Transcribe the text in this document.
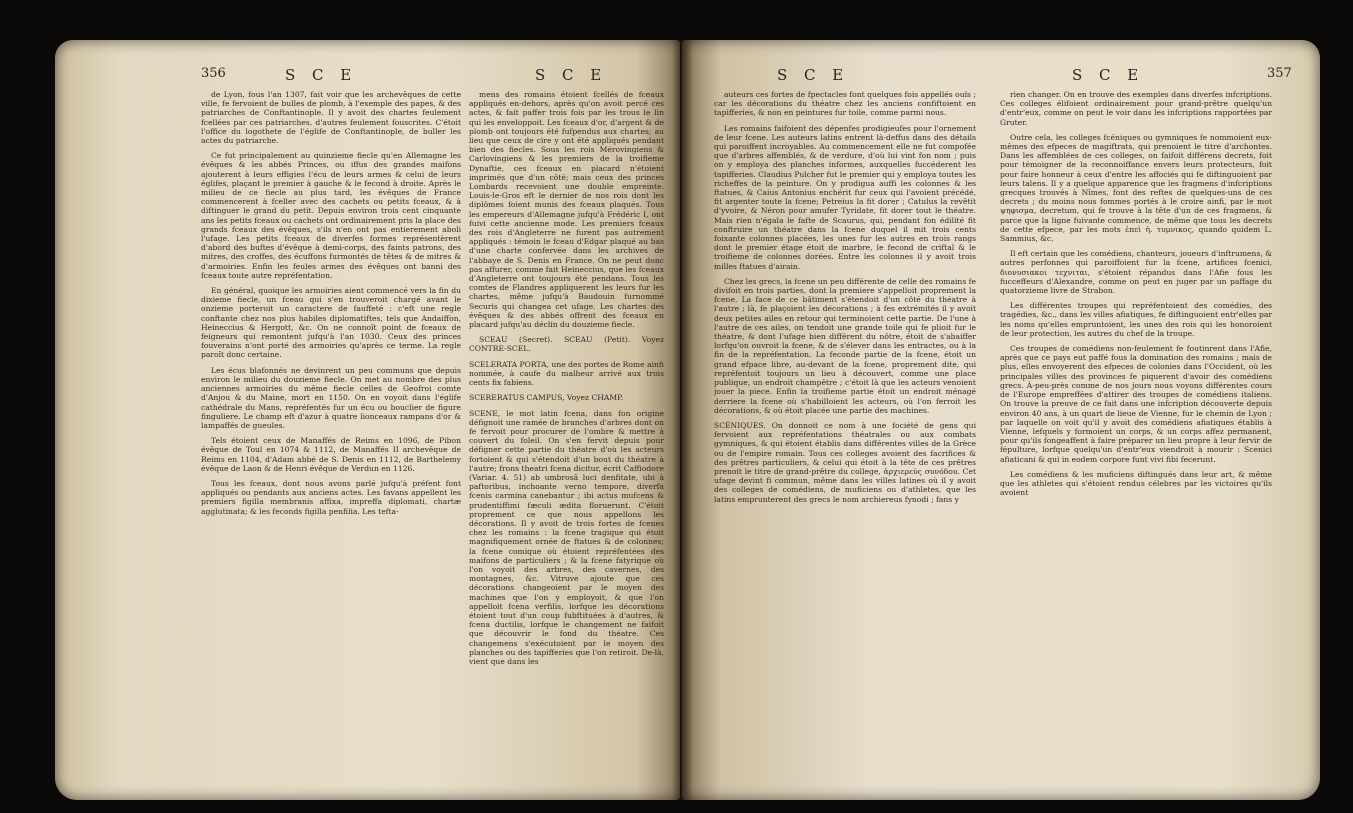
356	S C E	S C E

de Lyon, fous l'an 1307, fait voir que les archevêques de cette ville, fe fervoient de bulles de plomb, à l'exemple des papes, & des patriarches de Conftantinople. Il y avoit des chartes feulement fcellées par ces patriarches, d'autres feulement fouscrites. C'étoit l'office du logothete de l'églife de Conftantinople, de buller les actes du patriarche.

Ce fut principalement au quinzieme fiecle qu'en Allemagne les évêques & les abbés Princes, ou iffus des grandes maifons ajouterent à leurs effigies l'écu de leurs armes & celui de leurs églifes, plaçant le premier à gauche & le fecond à droite. Après le milieu de ce fiecle au plus tard, les évêques de France commencerent à fceller avec des cachets ou petits fceaux, & à diftinguer le grand du petit. Depuis environ trois cent cinquante ans les petits fceaux ou cachets ont ordinairement pris la place des grands fceaux des évêques, s'ils n'en ont pas entierement aboli l'ufage. Les petits fceaux de diverfes formes représentèrent d'abord des buftes d'évêque à demi-corps, des faints patrons, des mitres, des croffes, des écuffons furmontés de têtes & de mitres & d'armoiries. Enfin les feules armes des évêques ont banni des fceaux toute autre repréfentation.

En général, quoique les armoiries aient commencé vers la fin du dixieme fiecle, un fceau qui s'en trouveroit chargé avant le onzieme porteroit un caractere de fauffeté : c'eft une regle conftante chez nos plus habiles diplomatiftes, tels que Andaiffon, Heineccius & Hergott, &c. On ne connoît point de fceaux de feigneurs qui remontent jufqu'à l'an 1030. Ceux des princes fouverains n'ont porté des armoiries qu'après ce terme. La regle paroît donc certaine.

Les écus blafonnés ne devinrent un peu communs que depuis environ le milieu du douzieme fiecle. On met au nombre des plus anciennes armoiries du même fiecle celles de Geofroi comte d'Anjou & du Maine, mort en 1150. On en voyoit dans l'églife cathédrale du Mans, repréfentés fur un écu ou bouclier de figure finguliere. Le champ eft d'azur à quatre lionceaux rampans d'or & lampaffés de gueules.

Tels étoient ceux de Manaffés de Reims en 1096, de Pibon évêque de Toul en 1074 & 1112, de Manaffés II archevêque de Reims en 1104, d'Adam abbé de S. Denis en 1112, de Barthelemy évêque de Laon & de Henri évêque de Verdun en 1126.

Tous les fceaux, dont nous avons parlé jufqu'à préfent font appliqués ou pendants aux anciens actes. Les favans appellent les premiers figilla membranis affixa, impreffa diplomati, chartæ agglutinata; & les feconds figilla penfilia. Les tefta-

mens des romains étoient fcellés de fceaux appliqués en-dehors, après qu'on avoit percé ces actes, & fait paffer trois fois par les trous le lin qui les enveloppoit. Les fceaux d'or, d'argent & de plomb ont toujours été fufpendus aux chartes; au lieu que ceux de cire y ont été appliqués pendant bien des fiecles. Sous les rois Mérovingiens & Carlovingiens & les premiers de la troifieme Dynaftie, ces fceaux en placard n'étoient imprimés que d'un côté; mais ceux des princes Lombards recevoient une double empreinte. Louis-le-Gros eft le dernier de nos rois dont les diplômes foient munis des fceaux plaqués. Tous les empereurs d'Allemagne jufqu'à Frédéric I, ont fuivi cette ancienne mode. Les premiers fceaux des rois d'Angleterre ne furent pas autrement appliqués : témoin le fceau d'Edgar plaqué au bas d'une charte confervée dans les archives de l'abbaye de S. Denis en France. On ne peut donc pas affurer, comme fait Heineccius, que les fceaux d'Angleterre ont toujours été pendans. Tous les comtes de Flandres appliquerent les leurs fur les chartes, même jufqu'à Baudouin furnommé Securis qui changea cet ufage. Les chartes des évêques & des abbés offrent des fceaux en placard jufqu'au déclin du douzieme fiecle.

SCEAU (Secret). SCEAU (Petit). Voyez CONTRE-SCEL.

SCELERATA PORTA, une des portes de Rome ainfi nommée, à caufe du malheur arrivé aux trois cents fix fabiens.

SCERERATUS CAMPUS, Voyez CHAMP.

SCENE, le mot latin fcena, dans fon origine défignoit une ramée de branches d'arbres dont on fe fervoit pour procurer de l'ombre & mettre à couvert du foleil. On s'en fervit depuis pour défigner cette partie du théatre d'où les acteurs fortoient & qui s'étendoit d'un bout du théatre à l'autre; frons theatri fcena dicitur, écrit Caffiodore (Variar. 4. 51) ab umbrosâ luci denfitate, ubi à paftoribus, inchoante verno tempore, diverfa fcenis carmina canebantur ; ibi actus mufcens & prudentiffimi fæculi ædita floruerunt. C'étoit proprement ce que nous appellons les décorations. Il y avoit de trois fortes de fcenes chez les romains : la fcene tragique qui étoit magnifiquement ornée de ftatues & de colonnes; la fcene comique où étoient repréfentées des maifons de particuliers ; & la fcene fatyrique où l'on voyoit des arbres, des cavernes, des montagnes, &c. Vitruve ajoute que ces décorations changeoient par le moyen des machines que l'on y employoit, & que l'on appelloit fcena verfilis, lorfque les décorations étoient tout d'un coup fubftituées à d'autres, & fcena ductilis, lorfque le changement ne faifoit que découvrir le fond du théatre. Ces changemens s'exécutoient par le moyen des planches ou des tapifferies que l'on retiroit. De-là, vient que dans les

S C E	S C E	357

auteurs ces fortes de fpectacles font quelques fois appellés ouïs ; car les décorations du théatre chez les anciens confiftoient en tapifferies, & non en peintures fur toile, comme parmi nous.

Les romains faifoient des dépenfes prodigieufes pour l'ornement de leur fcene. Les auteurs latins entrent là-deffus dans des détails qui paroiffent incroyables. Au commencement elle ne fut compofée que d'arbres affemblés, & de verdure, d'où lui vint fon nom ; puis on y employa des planches informes, auxquelles fuccéderent les tapifferies. Claudius Pulcher fut le premier qui y employa toutes les richeffes de la peinture. On y prodigua auffi les colonnes & les ftatues, & Caius Antonius enchérit fur ceux qui l'avoient précédé, fit argenter toute la fcene; Petreius la fit dorer ; Catulus la revêtit d'yvoire, & Néron pour amufer Tyridate, fit dorer tout le théatre. Mais rien n'égala le fafte de Scaurus, qui, pendant fon édilité fit conftruire un théatre dans la fcene duquel il mit trois cents foixante colonnes placées, les unes fur les autres en trois rangs dont le premier étage étoit de marbre, le fecond de criftal & le troifieme de colonnes dorées. Entre les colonnes il y avoit trois milles ftatues d'airain.

Chez les grecs, la fcene un peu différente de celle des romains fe divifoit en trois parties, dont la premiere s'appelloit proprement la fcene. La face de ce bâtiment s'étendoit d'un côté du théatre à l'autre ; là, fe plaçoient les décorations ; à fes extrémités il y avoit deux petites ailes en retour qui terminoient cette partie. De l'une à l'autre de ces ailes, on tendoit une grande toile qui fe plioit fur le théatre, & dont l'ufage bien différent du nôtre, étoit de s'abaiffer lorfqu'on ouvroit la fcene, & de s'élever dans les entractes, ou à la fin de la repréfentation. La feconde partie de la fcene, étoit un grand efpace libre, au-devant de la fcene, proprement dite, qui repréfentoit toujours un lieu à découvert, comme une place publique, un endroit champêtre ; c'étoit là que les acteurs venoient jouer la piece. Enfin la troifieme partie étoit un endroit ménagé derriere la fcene où s'habilloient les acteurs, où l'on ferroit les décorations, & où étoit placée une partie des machines.

SCÉNIQUES. On donnoit ce nom à une fociété de gens qui fervoient aux repréfentations théatrales ou aux combats gymniques, & qui étoient établis dans différentes villes de la Grèce ou de l'empire romain. Tous ces colleges avoient des facrifices & des prêtres particuliers, & celui qui étoit à la tête de ces prêtres prenoit le titre de grand-prêtre du college, ἀρχιερεὺς συνόδου. Cet ufage devint fi commun, même dans les villes latines où il y avoit des colleges de comédiens, de muficiens ou d'athletes, que les latins emprunterent des grecs le nom archiereus fynodi ; fans y

rien changer. On en trouve des exemples dans diverfes infcriptions. Ces colleges élifoient ordinairement pour grand-prêtre quelqu'un d'entr'eux, comme on peut le voir dans les infcriptions rapportées par Gruter.

Outre cela, les colleges fcéniques ou gymniques fe nommoient eux-mêmes des efpeces de magiftrats, qui prenoient le titre d'archontes. Dans les affemblées de ces colleges, on faifoit différens decrets, foit pour témoigner de la reconnoiffance envers leurs protecteurs, foit pour faire honneur à ceux d'entre les affociés qui fe diftinguoient par leurs talens. Il y a quelque apparence que les fragmens d'infcriptions grecques trouvés à Nîmes, font des reftes de quelques-uns de ces decrets ; du moins nous fommes portés à le croire ainfi, par le mot ψηφισμα, decretum, qui fe trouve à la tête d'un de ces fragmens, & parce que la ligne fuivante commence, de même que tous les decrets de cette efpece, par les mots ἐπεὶ ἡ. τυμνικος, quando quidem L. Sammius, &c.

Il eft certain que les comédiens, chanteurs, joueurs d'inftrumens, & autres perfonnes qui paroiffoient fur la fcene, artifices fcenici, διονυσιακοι τεχνιται, s'étoient répandus dans l'Afie fous les fucceffeurs d'Alexandre, comme on peut en juger par un paffage du quatorzieme livre de Strabon.

Les différentes troupes qui repréfentoient des comédies, des tragédies, &c., dans les villes afiatiques, fe diftinguoient entr'elles par les noms qu'elles empruntoient, les unes des rois qui les honoroient de leur protection, les autres du chef de la troupe.

Ces troupes de comédiens non-feulement fe foutinrent dans l'Afie, après que ce pays eut paffé fous la domination des romains ; mais de plus, elles envoyerent des efpeces de colonies dans l'Occident, où les principales villes des provinces fe piquerent d'avoir des comédiens grecs. À-peu-près comme de nos jours nous voyons différentes cours de l'Europe empreffées d'attirer des troupes de comédiens italiens. On trouve la preuve de ce fait dans une infcription découverte depuis environ 40 ans, à un quart de lieue de Vienne, fur le chemin de Lyon ; par laquelle on voit qu'il y avoit des comédiens afiatiques établis à Vienne, lefquels y formoient un corps, & un corps affez permanent, pour qu'ils fongeaffent à faire préparer un lieu propre à leur fervir de fépulture, lorfque quelqu'un d'entr'eux viendroit à mourir : Scenici afiaticani & qui in eodem corpore funt vivi fibi fecerunt.

Les comédiens & les muficiens diftingués dans leur art, & même que les athletes qui s'étoient rendus célebres par les victoires qu'ils avoient
